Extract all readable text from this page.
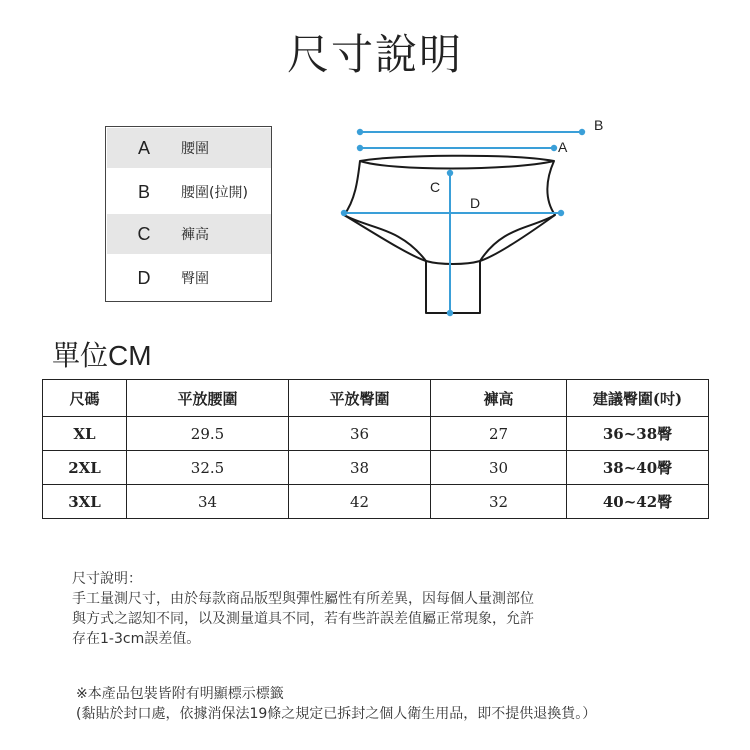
尺寸說明
A	腰圍
B	腰圍(拉開)
C	褲高
D	臀圍
B
A
C
D
單位CM
尺碼	平放腰圍	平放臀圍	褲高	建議臀圍(吋)
XL	29.5	36	27	36~38臀
2XL	32.5	38	30	38~40臀
3XL	34	42	32	40~42臀
尺寸說明：
手工量測尺寸，由於每款商品版型與彈性屬性有所差異，因每個人量測部位
與方式之認知不同，以及測量道具不同，若有些許誤差值屬正常現象，允許
存在1-3cm誤差值。
※本產品包裝皆附有明顯標示標籤
(黏貼於封口處，依據消保法19條之規定已拆封之個人衛生用品，即不提供退換貨。）
